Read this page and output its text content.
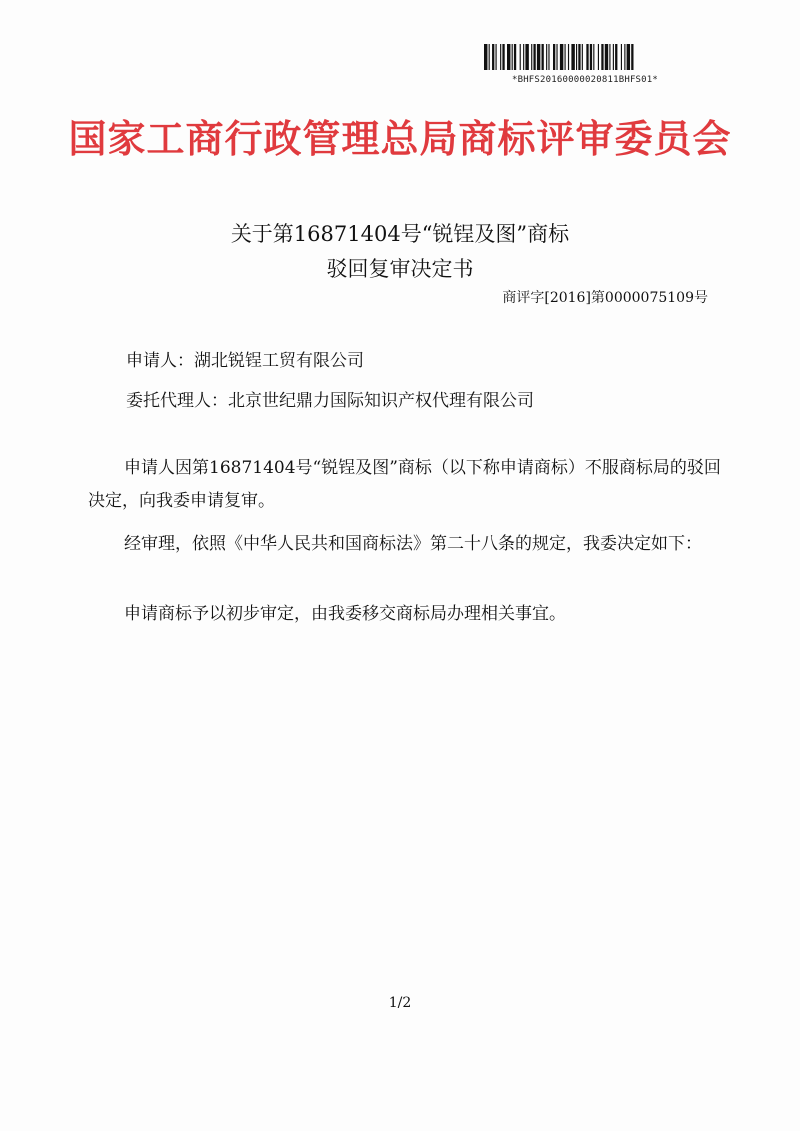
*BHFS20160000020811BHFS01*
国家工商行政管理总局商标评审委员会
关于第16871404号“锐锃及图”商标
驳回复审决定书
商评字[2016]第0000075109号
申请人：湖北锐锃工贸有限公司
委托代理人：北京世纪鼎力国际知识产权代理有限公司
申请人因第16871404号“锐锃及图”商标（以下称申请商标）不服商标局的驳回决定，向我委申请复审。
经审理，依照《中华人民共和国商标法》第二十八条的规定，我委决定如下：
申请商标予以初步审定，由我委移交商标局办理相关事宜。
1/2
